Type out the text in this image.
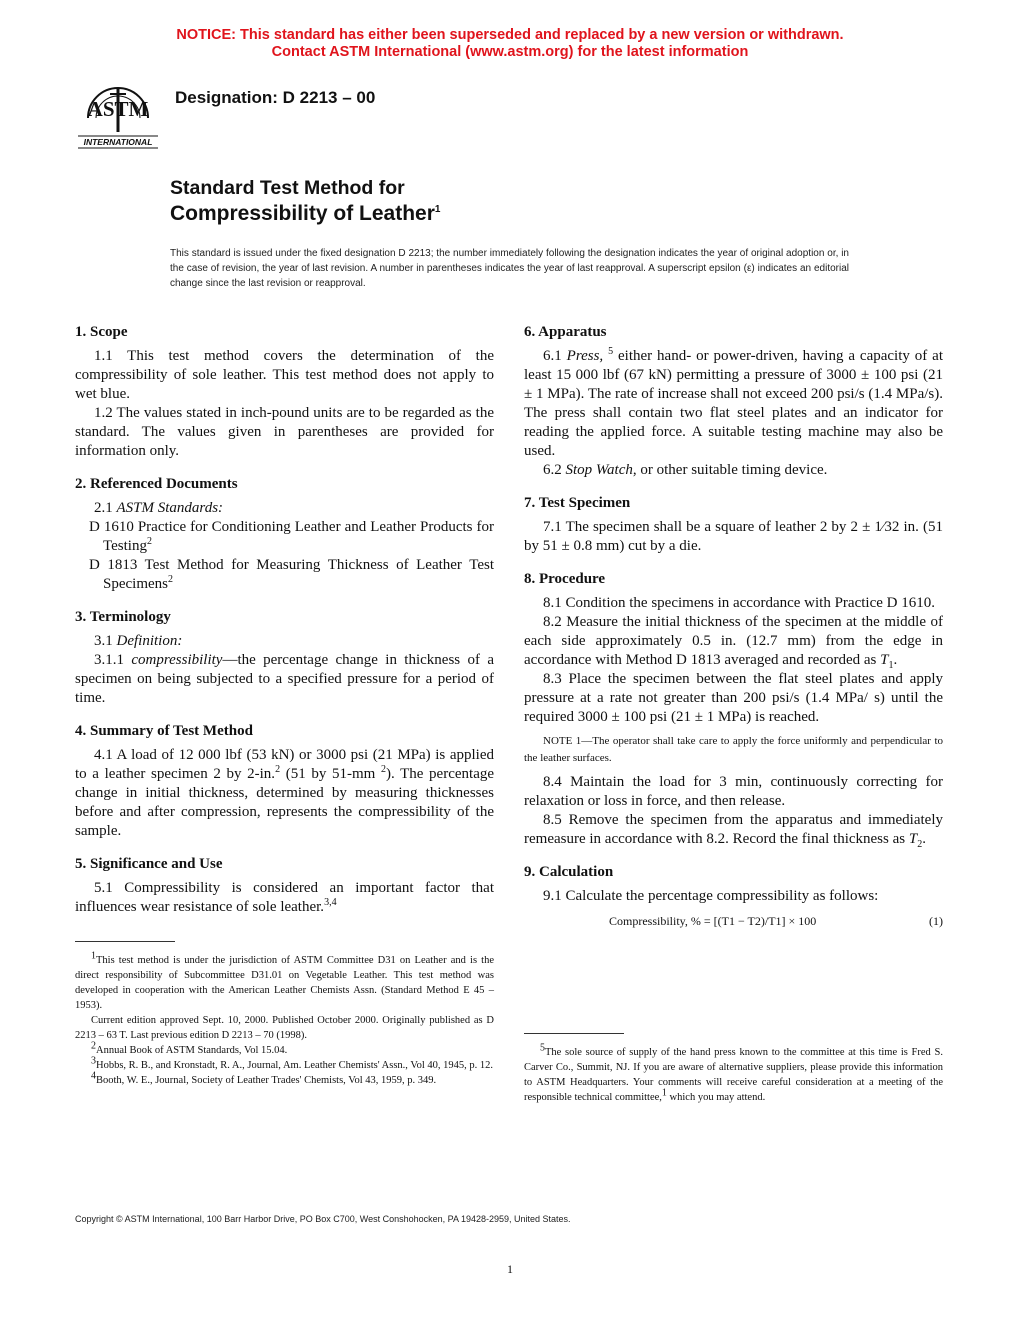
NOTICE: This standard has either been superseded and replaced by a new version or withdrawn.
Contact ASTM International (www.astm.org) for the latest information
ASTM
INTERNATIONAL
Designation: D 2213 – 00
Standard Test Method for
Compressibility of Leather$^1$
This standard is issued under the fixed designation D 2213; the number immediately following the designation indicates the year of original adoption or, in the case of revision, the year of last revision. A number in parentheses indicates the year of last reapproval. A superscript epsilon (ε) indicates an editorial change since the last revision or reapproval.
1. Scope

1.1 This test method covers the determination of the compressibility of sole leather. This test method does not apply to wet blue.

1.2 The values stated in inch-pound units are to be regarded as the standard. The values given in parentheses are provided for information only.

2. Referenced Documents

2.1 ASTM Standards:

D 1610 Practice for Conditioning Leather and Leather Products for Testing$^2$

D 1813 Test Method for Measuring Thickness of Leather Test Specimens$^2$

3. Terminology

3.1 Definition:

3.1.1 compressibility—the percentage change in thickness of a specimen on being subjected to a specified pressure for a period of time.

4. Summary of Test Method

4.1 A load of 12 000 lbf (53 kN) or 3000 psi (21 MPa) is applied to a leather specimen 2 by 2-in.$^2$ (51 by 51-mm $^2$). The percentage change in initial thickness, determined by measuring thicknesses before and after compression, represents the compressibility of the sample.

5. Significance and Use

5.1 Compressibility is considered an important factor that influences wear resistance of sole leather.$^{3,4}$

$^1$This test method is under the jurisdiction of ASTM Committee D31 on Leather and is the direct responsibility of Subcommittee D31.01 on Vegetable Leather. This test method was developed in cooperation with the American Leather Chemists Assn. (Standard Method E 45 – 1953).

Current edition approved Sept. 10, 2000. Published October 2000. Originally published as D 2213 – 63 T. Last previous edition D 2213 – 70 (1998).

$^2$Annual Book of ASTM Standards, Vol 15.04.

$^3$Hobbs, R. B., and Kronstadt, R. A., Journal, Am. Leather Chemists' Assn., Vol 40, 1945, p. 12.

$^4$Booth, W. E., Journal, Society of Leather Trades' Chemists, Vol 43, 1959, p. 349.

6. Apparatus

6.1 Press, $^5$ either hand- or power-driven, having a capacity of at least 15 000 lbf (67 kN) permitting a pressure of 3000 ± 100 psi (21 ± 1 MPa). The rate of increase shall not exceed 200 psi/s (1.4 MPa/s). The press shall contain two flat steel plates and an indicator for reading the applied force. A suitable testing machine may also be used.

6.2 Stop Watch, or other suitable timing device.

7. Test Specimen

7.1 The specimen shall be a square of leather 2 by 2 ± 1⁄32 in. (51 by 51 ± 0.8 mm) cut by a die.

8. Procedure

8.1 Condition the specimens in accordance with Practice D 1610.

8.2 Measure the initial thickness of the specimen at the middle of each side approximately 0.5 in. (12.7 mm) from the edge in accordance with Method D 1813 averaged and recorded as $T_1$.

8.3 Place the specimen between the flat steel plates and apply pressure at a rate not greater than 200 psi/s (1.4 MPa/ s) until the required 3000 ± 100 psi (21 ± 1 MPa) is reached.

NOTE 1—The operator shall take care to apply the force uniformly and perpendicular to the leather surfaces.

8.4 Maintain the load for 3 min, continuously correcting for relaxation or loss in force, and then release.

8.5 Remove the specimen from the apparatus and immediately remeasure in accordance with 8.2. Record the final thickness as $T_2$.

9. Calculation

9.1 Calculate the percentage compressibility as follows:

Compressibility, % = [(T1 − T2)/T1] × 100	(1)

$^5$The sole source of supply of the hand press known to the committee at this time is Fred S. Carver Co., Summit, NJ. If you are aware of alternative suppliers, please provide this information to ASTM Headquarters. Your comments will receive careful consideration at a meeting of the responsible technical committee,$^1$ which you may attend.

Copyright © ASTM International, 100 Barr Harbor Drive, PO Box C700, West Conshohocken, PA 19428-2959, United States.
1
